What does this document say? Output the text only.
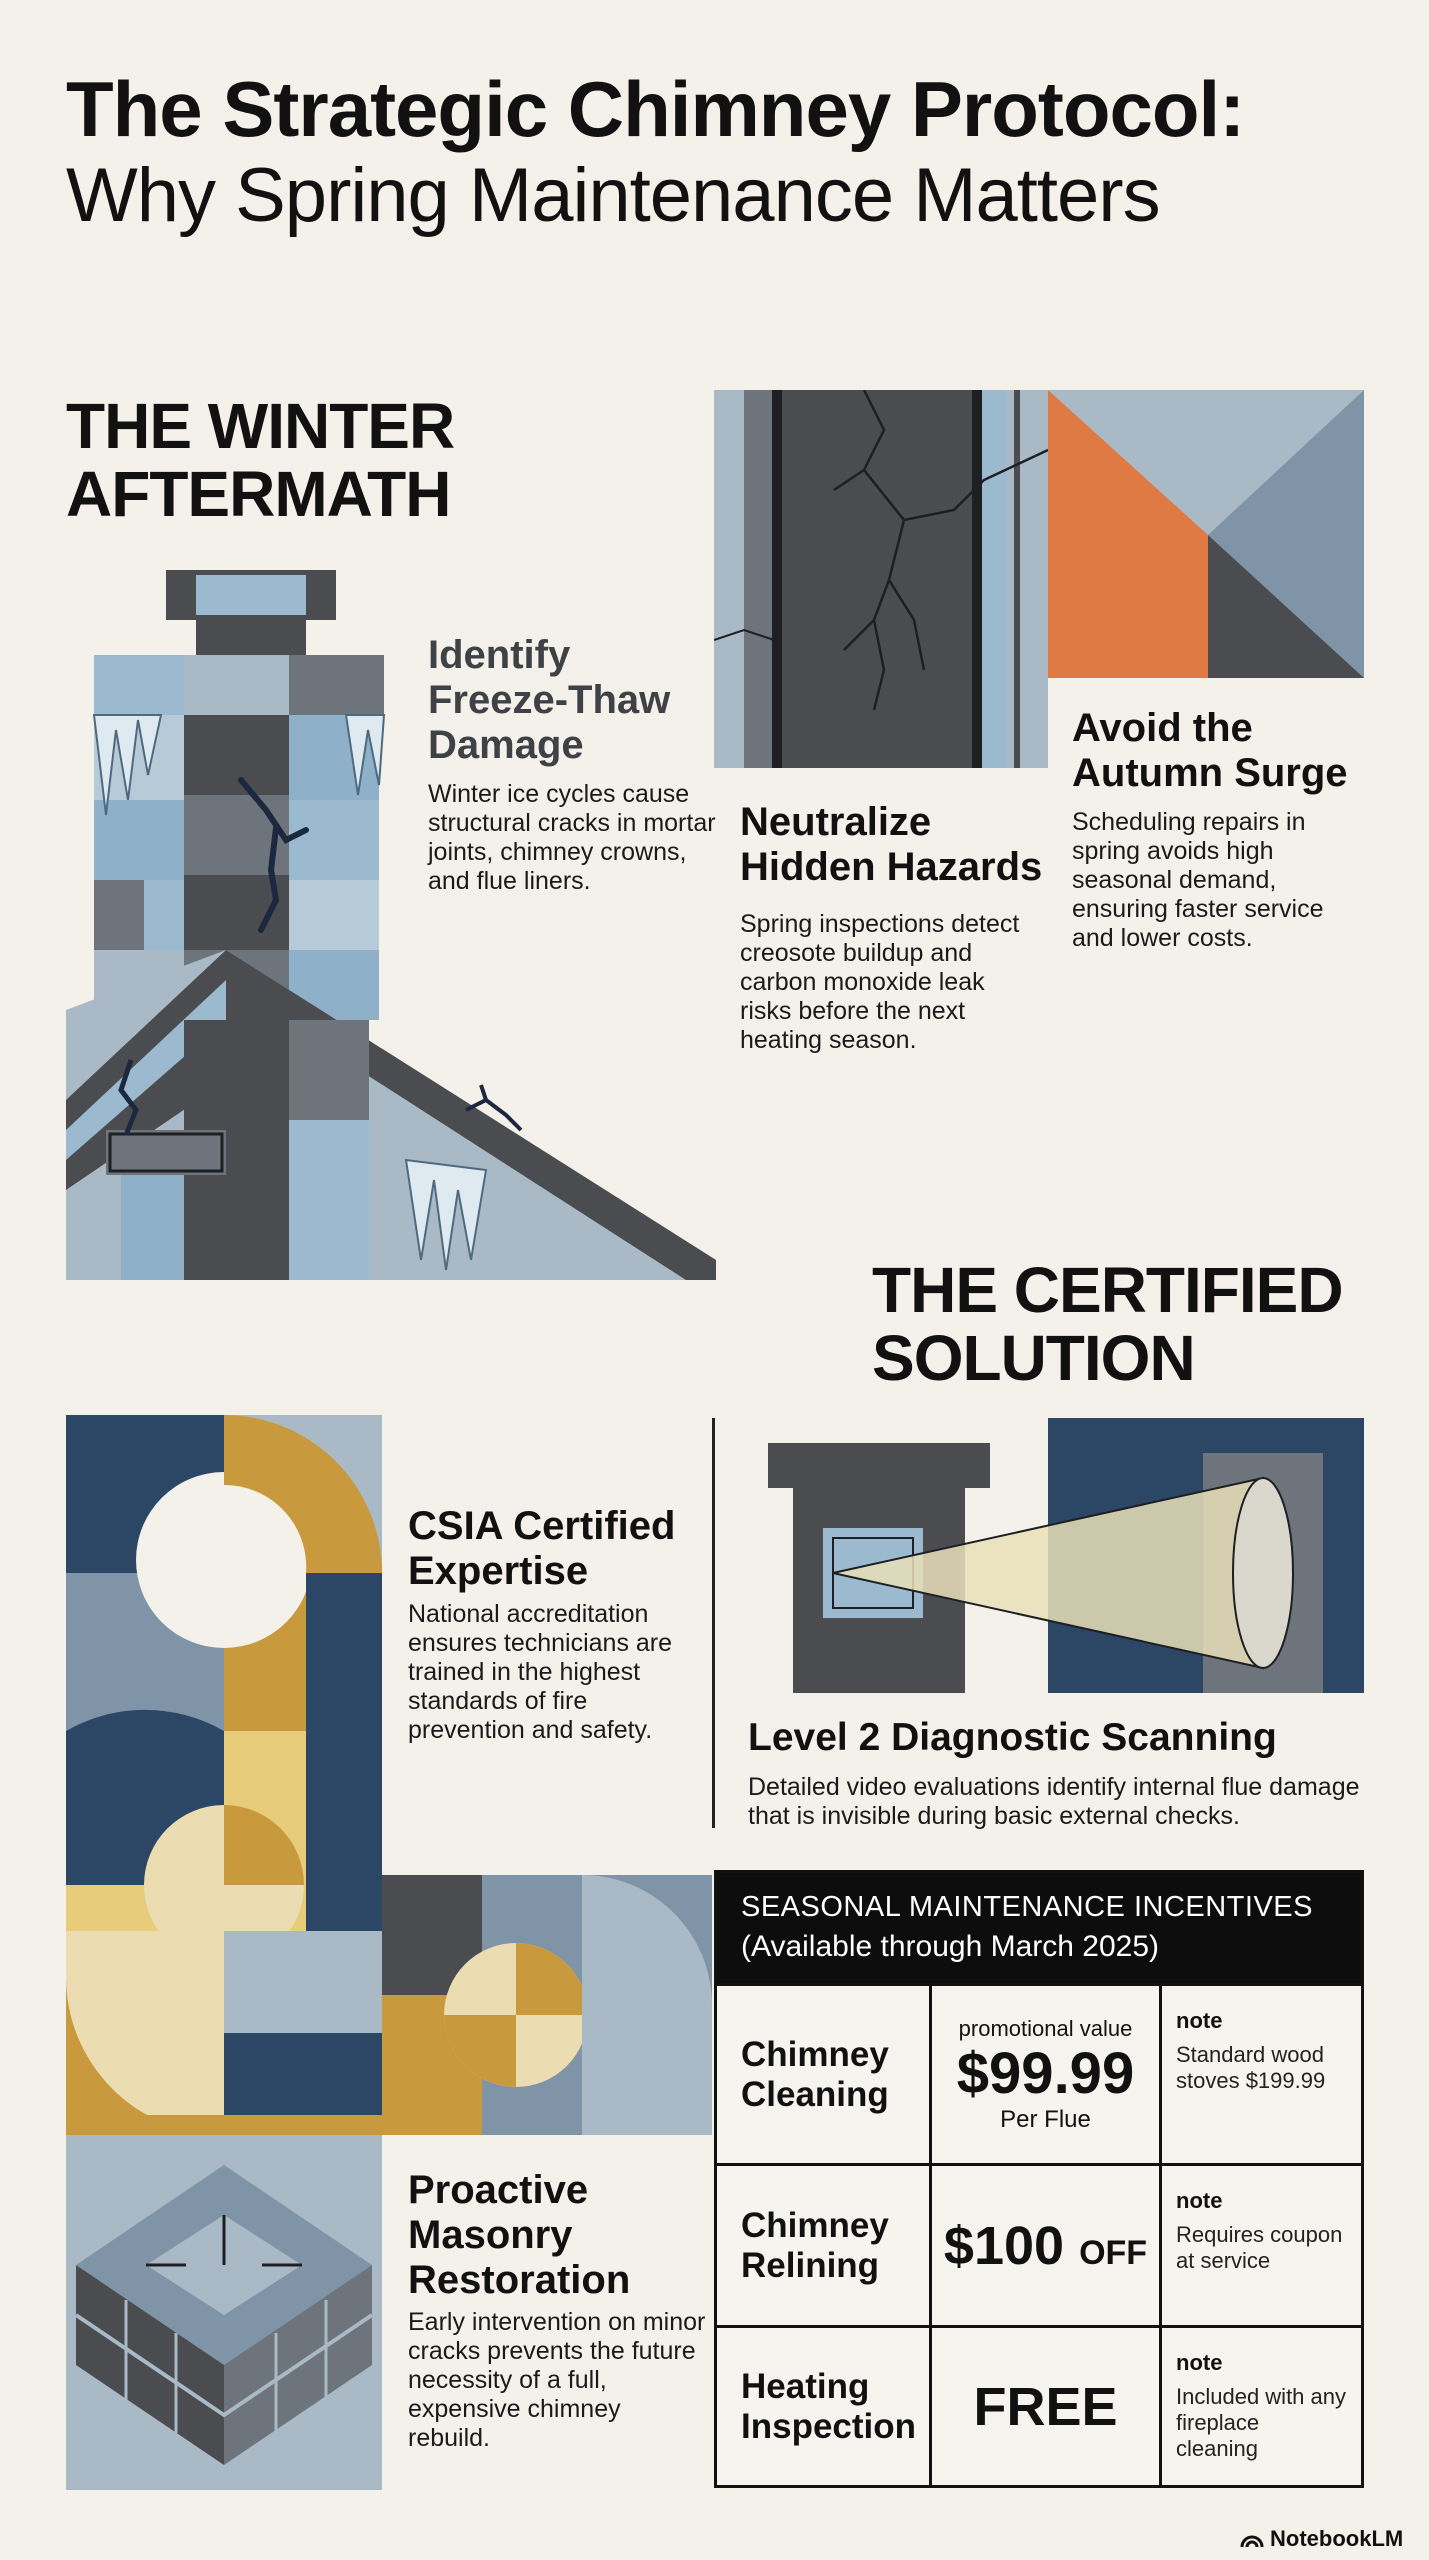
The Strategic Chimney Protocol:
Why Spring Maintenance Matters
THE WINTER
AFTERMATH
Identify Freeze-Thaw Damage
Winter ice cycles cause structural cracks in mortar joints, chimney crowns, and flue liners.
Neutralize Hidden Hazards
Spring inspections detect creosote buildup and carbon monoxide leak risks before the next heating season.
Avoid the Autumn Surge
Scheduling repairs in spring avoids high seasonal demand, ensuring faster service and lower costs.
THE CERTIFIED
SOLUTION
CSIA Certified Expertise
National accreditation ensures technicians are trained in the highest standards of fire prevention and safety.	Level 2 Diagnostic Scanning
Detailed video evaluations identify internal flue damage that is invisible during basic external checks.
Proactive Masonry Restoration
Early intervention on minor cracks prevents the future necessity of a full, expensive chimney rebuild.
SEASONAL MAINTENANCE INCENTIVES
(Available through March 2025)
Chimney Cleaning
promotional value
$99.99
Per Flue
note
Standard wood stoves $199.99
Chimney Relining	$100 OFF
note
Requires coupon at service
Heating Inspection FREE
note
Included with any fireplace cleaning
NotebookLM
